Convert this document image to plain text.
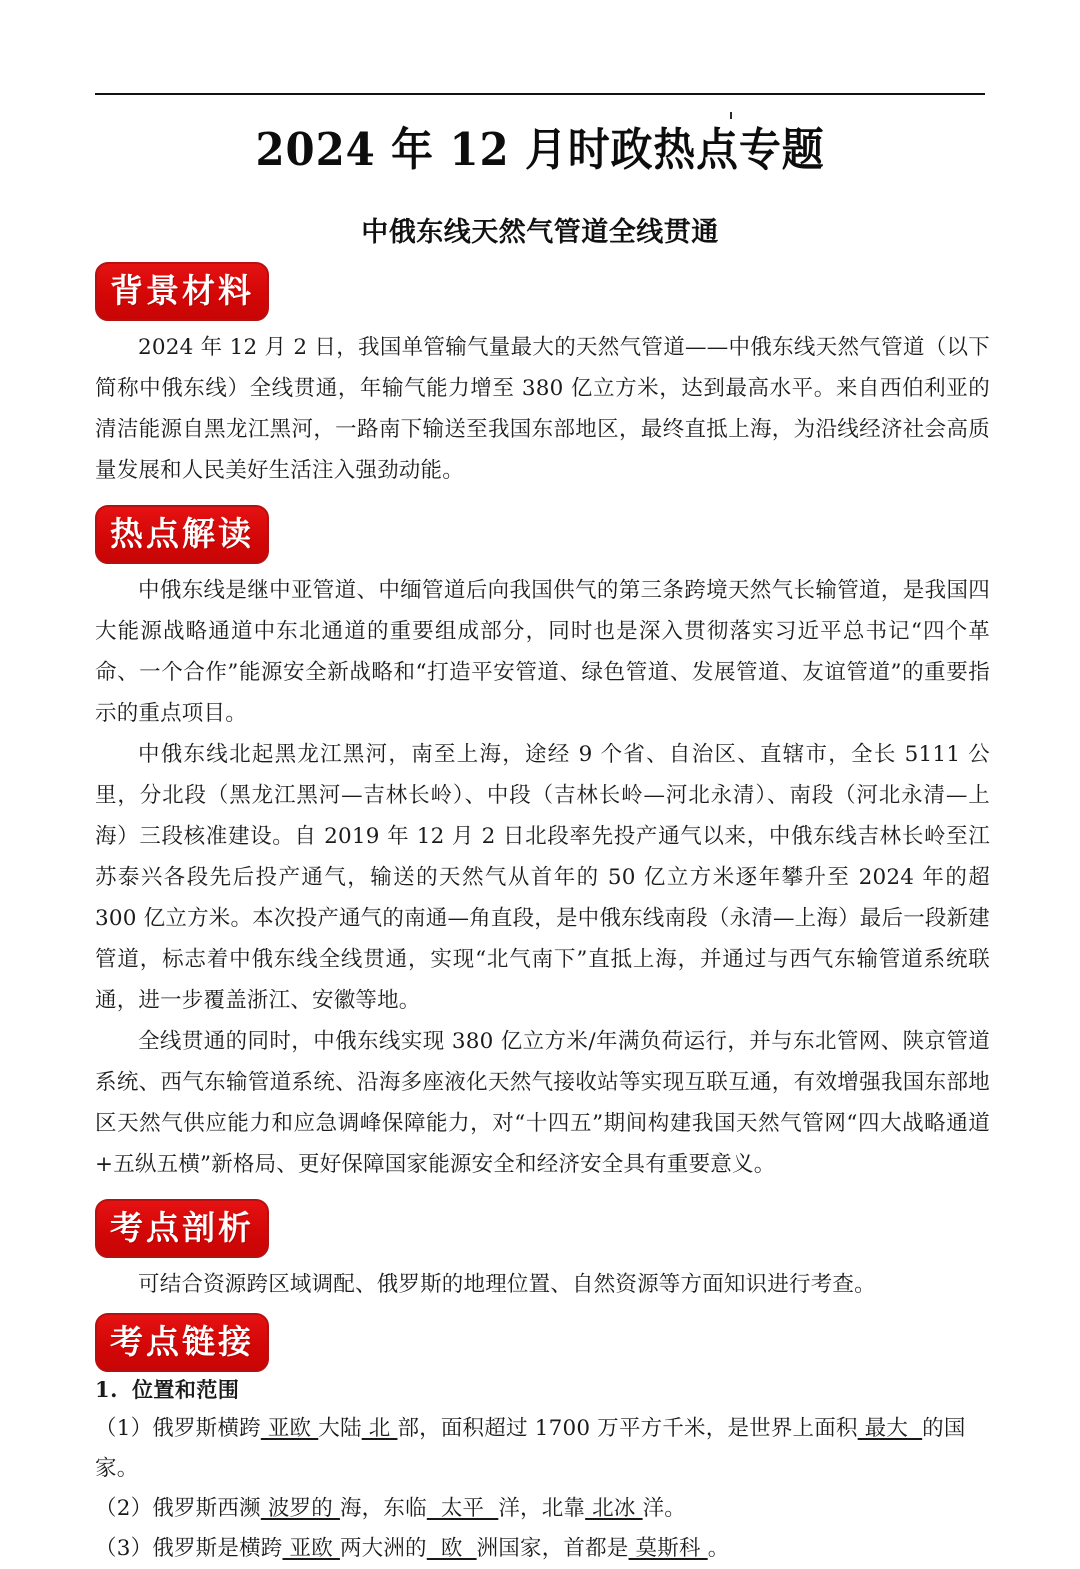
2024 年 12 月时政热点专题
中俄东线天然气管道全线贯通
背景材料

2024 年 12 月 2 日，我国单管输气量最大的天然气管道——中俄东线天然气管道（以下简称中俄东线）全线贯通，年输气能力增至 380 亿立方米，达到最高水平。来自西伯利亚的清洁能源自黑龙江黑河，一路南下输送至我国东部地区，最终直抵上海，为沿线经济社会高质量发展和人民美好生活注入强劲动能。

热点解读

中俄东线是继中亚管道、中缅管道后向我国供气的第三条跨境天然气长输管道，是我国四大能源战略通道中东北通道的重要组成部分，同时也是深入贯彻落实习近平总书记“四个革命、一个合作”能源安全新战略和“打造平安管道、绿色管道、发展管道、友谊管道”的重要指示的重点项目。

中俄东线北起黑龙江黑河，南至上海，途经 9 个省、自治区、直辖市，全长 5111 公里，分北段（黑龙江黑河—吉林长岭）、中段（吉林长岭—河北永清）、南段（河北永清—上海）三段核准建设。自 2019 年 12 月 2 日北段率先投产通气以来，中俄东线吉林长岭至江苏泰兴各段先后投产通气，输送的天然气从首年的 50 亿立方米逐年攀升至 2024 年的超 300 亿立方米。本次投产通气的南通—角直段，是中俄东线南段（永清—上海）最后一段新建管道，标志着中俄东线全线贯通，实现“北气南下”直抵上海，并通过与西气东输管道系统联通，进一步覆盖浙江、安徽等地。

全线贯通的同时，中俄东线实现 380 亿立方米/年满负荷运行，并与东北管网、陕京管道系统、西气东输管道系统、沿海多座液化天然气接收站等实现互联互通，有效增强我国东部地区天然气供应能力和应急调峰保障能力，对“十四五”期间构建我国天然气管网“四大战略通道+五纵五横”新格局、更好保障国家能源安全和经济安全具有重要意义。

考点剖析

可结合资源跨区域调配、俄罗斯的地理位置、自然资源等方面知识进行考查。

考点链接
1. 位置和范围

（1）俄罗斯横跨 亚欧 大陆 北 部，面积超过 1700 万平方千米，是世界上面积 最大  的国家。

（2）俄罗斯西濒 波罗的 海，东临  太平  洋，北靠 北冰 洋。

（3）俄罗斯是横跨 亚欧 两大洲的  欧  洲国家，首都是 莫斯科 。
